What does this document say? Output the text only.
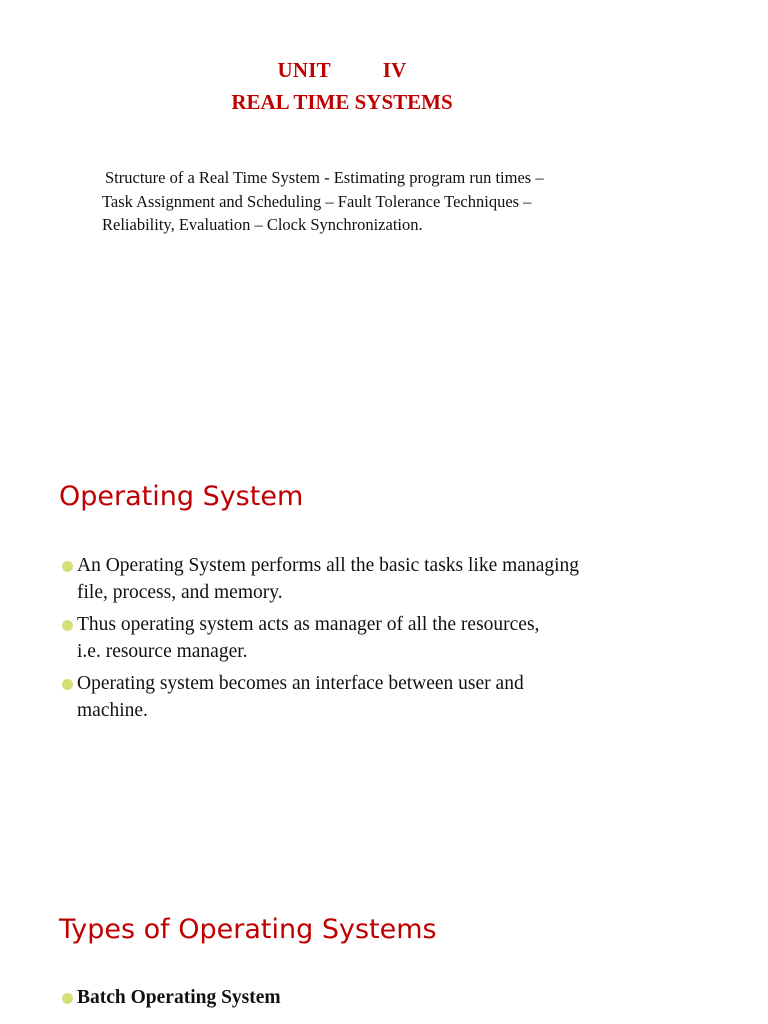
UNIT IV
REAL TIME SYSTEMS
Structure of a Real Time System - Estimating program run times –
Task Assignment and Scheduling – Fault Tolerance Techniques –
Reliability, Evaluation – Clock Synchronization.
Operating System
An Operating System performs all the basic tasks like managing
file, process, and memory.
Thus operating system acts as manager of all the resources,
i.e. resource manager.
Operating system becomes an interface between user and
machine.
Types of Operating Systems
Batch Operating System
